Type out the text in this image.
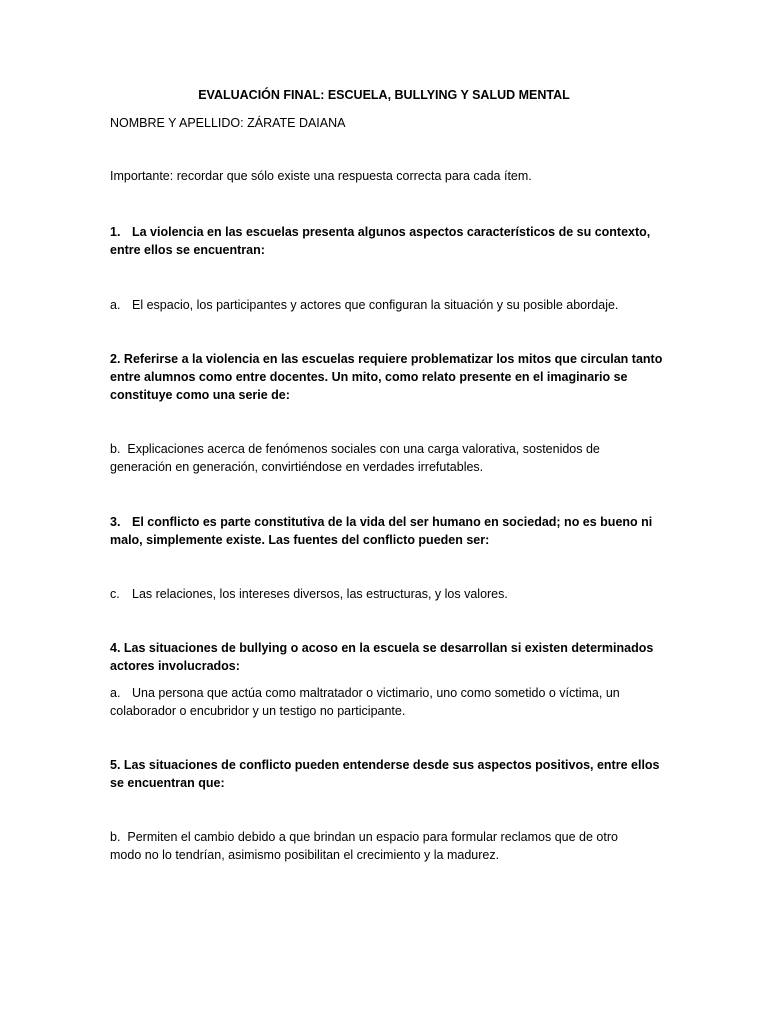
EVALUACIÓN FINAL: ESCUELA, BULLYING Y SALUD MENTAL
NOMBRE Y APELLIDO: ZÁRATE DAIANA
Importante: recordar que sólo existe una respuesta correcta para cada ítem.
1. La violencia en las escuelas presenta algunos aspectos característicos de su contexto,
entre ellos se encuentran:
a. El espacio, los participantes y actores que configuran la situación y su posible abordaje.
2. Referirse a la violencia en las escuelas requiere problematizar los mitos que circulan tanto
entre alumnos como entre docentes. Un mito, como relato presente en el imaginario se
constituye como una serie de:
b. Explicaciones acerca de fenómenos sociales con una carga valorativa, sostenidos de
generación en generación, convirtiéndose en verdades irrefutables.
3. El conflicto es parte constitutiva de la vida del ser humano en sociedad; no es bueno ni
malo, simplemente existe. Las fuentes del conflicto pueden ser:
c. Las relaciones, los intereses diversos, las estructuras, y los valores.
4. Las situaciones de bullying o acoso en la escuela se desarrollan si existen determinados
actores involucrados:
a. Una persona que actúa como maltratador o victimario, uno como sometido o víctima, un
colaborador o encubridor y un testigo no participante.
5. Las situaciones de conflicto pueden entenderse desde sus aspectos positivos, entre ellos
se encuentran que:
b. Permiten el cambio debido a que brindan un espacio para formular reclamos que de otro
modo no lo tendrían, asimismo posibilitan el crecimiento y la madurez.
